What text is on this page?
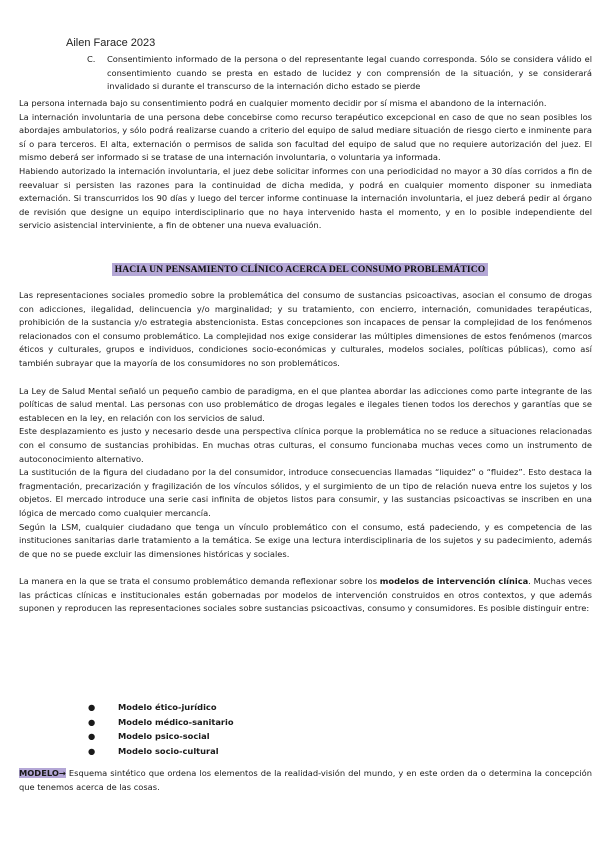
Ailen Farace 2023
C. Consentimiento informado de la persona o del representante legal cuando corresponda. Sólo se considera válido el consentimiento cuando se presta en estado de lucidez y con comprensión de la situación, y se considerará invalidado si durante el transcurso de la internación dicho estado se pierde

La persona internada bajo su consentimiento podrá en cualquier momento decidir por sí misma el abandono de la internación.

La internación involuntaria de una persona debe concebirse como recurso terapéutico excepcional en caso de que no sean posibles los abordajes ambulatorios, y sólo podrá realizarse cuando a criterio del equipo de salud mediare situación de riesgo cierto e inminente para sí o para terceros. El alta, externación o permisos de salida son facultad del equipo de salud que no requiere autorización del juez. El mismo deberá ser informado si se tratase de una internación involuntaria, o voluntaria ya informada.

Habiendo autorizado la internación involuntaria, el juez debe solicitar informes con una periodicidad no mayor a 30 días corridos a fin de reevaluar si persisten las razones para la continuidad de dicha medida, y podrá en cualquier momento disponer su inmediata externación. Si transcurridos los 90 días y luego del tercer informe continuase la internación involuntaria, el juez deberá pedir al órgano de revisión que designe un equipo interdisciplinario que no haya intervenido hasta el momento, y en lo posible independiente del servicio asistencial interviniente, a fin de obtener una nueva evaluación.

HACIA UN PENSAMIENTO CLÍNICO ACERCA DEL CONSUMO PROBLEMÁTICO

Las representaciones sociales promedio sobre la problemática del consumo de sustancias psicoactivas, asocian el consumo de drogas con adicciones, ilegalidad, delincuencia y/o marginalidad; y su tratamiento, con encierro, internación, comunidades terapéuticas, prohibición de la sustancia y/o estrategia abstencionista. Estas concepciones son incapaces de pensar la complejidad de los fenómenos relacionados con el consumo problemático. La complejidad nos exige considerar las múltiples dimensiones de estos fenómenos (marcos éticos y culturales, grupos e individuos, condiciones socio-económicas y culturales, modelos sociales, políticas públicas), como así también subrayar que la mayoría de los consumidores no son problemáticos.

La Ley de Salud Mental señaló un pequeño cambio de paradigma, en el que plantea abordar las adicciones como parte integrante de las políticas de salud mental. Las personas con uso problemático de drogas legales e ilegales tienen todos los derechos y garantías que se establecen en la ley, en relación con los servicios de salud.

Este desplazamiento es justo y necesario desde una perspectiva clínica porque la problemática no se reduce a situaciones relacionadas con el consumo de sustancias prohibidas. En muchas otras culturas, el consumo funcionaba muchas veces como un instrumento de autoconocimiento alternativo.

La sustitución de la figura del ciudadano por la del consumidor, introduce consecuencias llamadas “liquidez” o “fluidez”. Esto destaca la fragmentación, precarización y fragilización de los vínculos sólidos, y el surgimiento de un tipo de relación nueva entre los sujetos y los objetos. El mercado introduce una serie casi infinita de objetos listos para consumir, y las sustancias psicoactivas se inscriben en una lógica de mercado como cualquier mercancía.

Según la LSM, cualquier ciudadano que tenga un vínculo problemático con el consumo, está padeciendo, y es competencia de las instituciones sanitarias darle tratamiento a la temática. Se exige una lectura interdisciplinaria de los sujetos y su padecimiento, además de que no se puede excluir las dimensiones históricas y sociales.

La manera en la que se trata el consumo problemático demanda reflexionar sobre los modelos de intervención clínica. Muchas veces las prácticas clínicas e institucionales están gobernadas por modelos de intervención construidos en otros contextos, y que además suponen y reproducen las representaciones sociales sobre sustancias psicoactivas, consumo y consumidores. Es posible distinguir entre:

●	Modelo ético-jurídico
●	Modelo médico-sanitario
●	Modelo psico-social
●	Modelo socio-cultural

MODELO→ Esquema sintético que ordena los elementos de la realidad-visión del mundo, y en este orden da o determina la concepción que tenemos acerca de las cosas.
